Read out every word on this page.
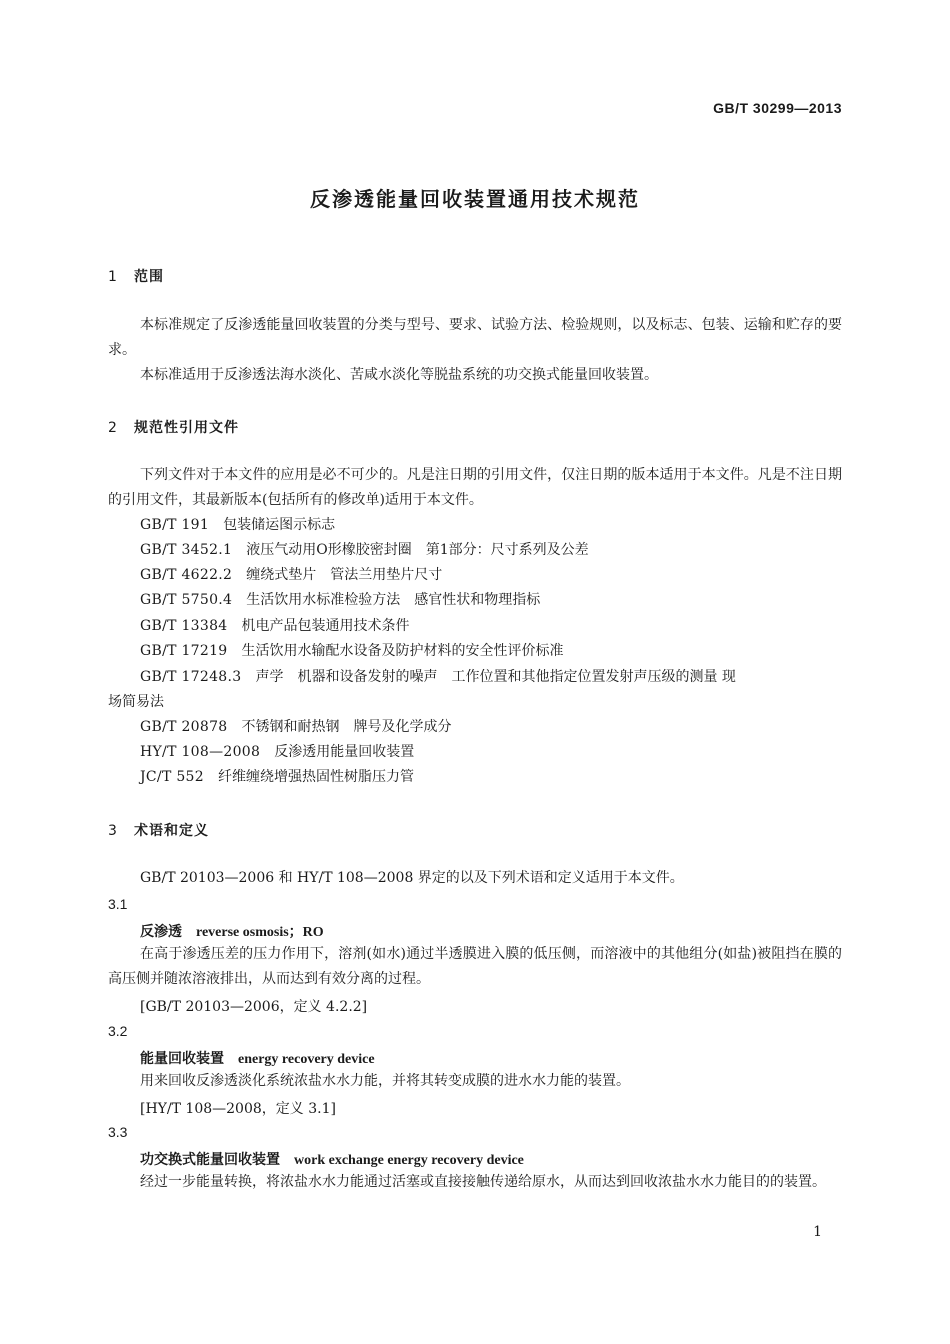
GB/T 30299—2013
反渗透能量回收装置通用技术规范
1 范围
本标准规定了反渗透能量回收装置的分类与型号、要求、试验方法、检验规则，以及标志、包装、运输和贮存的要求。
本标准适用于反渗透法海水淡化、苦咸水淡化等脱盐系统的功交换式能量回收装置。
2 规范性引用文件
下列文件对于本文件的应用是必不可少的。凡是注日期的引用文件，仅注日期的版本适用于本文件。凡是不注日期的引用文件，其最新版本(包括所有的修改单)适用于本文件。
GB/T 191 包装储运图示标志
GB/T 3452.1 液压气动用O形橡胶密封圈　第1部分：尺寸系列及公差
GB/T 4622.2 缠绕式垫片　管法兰用垫片尺寸
GB/T 5750.4 生活饮用水标准检验方法　感官性状和物理指标
GB/T 13384 机电产品包装通用技术条件
GB/T 17219 生活饮用水输配水设备及防护材料的安全性评价标准
GB/T 17248.3 声学　机器和设备发射的噪声　工作位置和其他指定位置发射声压级的测量 现
场简易法
GB/T 20878 不锈钢和耐热钢　牌号及化学成分
HY/T 108—2008 反渗透用能量回收装置
JC/T 552 纤维缠绕增强热固性树脂压力管
3 术语和定义
GB/T 20103—2006 和 HY/T 108—2008 界定的以及下列术语和定义适用于本文件。
3.1
反渗透 reverse osmosis；RO
在高于渗透压差的压力作用下，溶剂(如水)通过半透膜进入膜的低压侧，而溶液中的其他组分(如盐)被阻挡在膜的高压侧并随浓溶液排出，从而达到有效分离的过程。
[GB/T 20103—2006，定义 4.2.2]
3.2
能量回收装置 energy recovery device
用来回收反渗透淡化系统浓盐水水力能，并将其转变成膜的进水水力能的装置。
[HY/T 108—2008，定义 3.1]
3.3
功交换式能量回收装置 work exchange energy recovery device
经过一步能量转换，将浓盐水水力能通过活塞或直接接触传递给原水，从而达到回收浓盐水水力能目的的装置。
1
